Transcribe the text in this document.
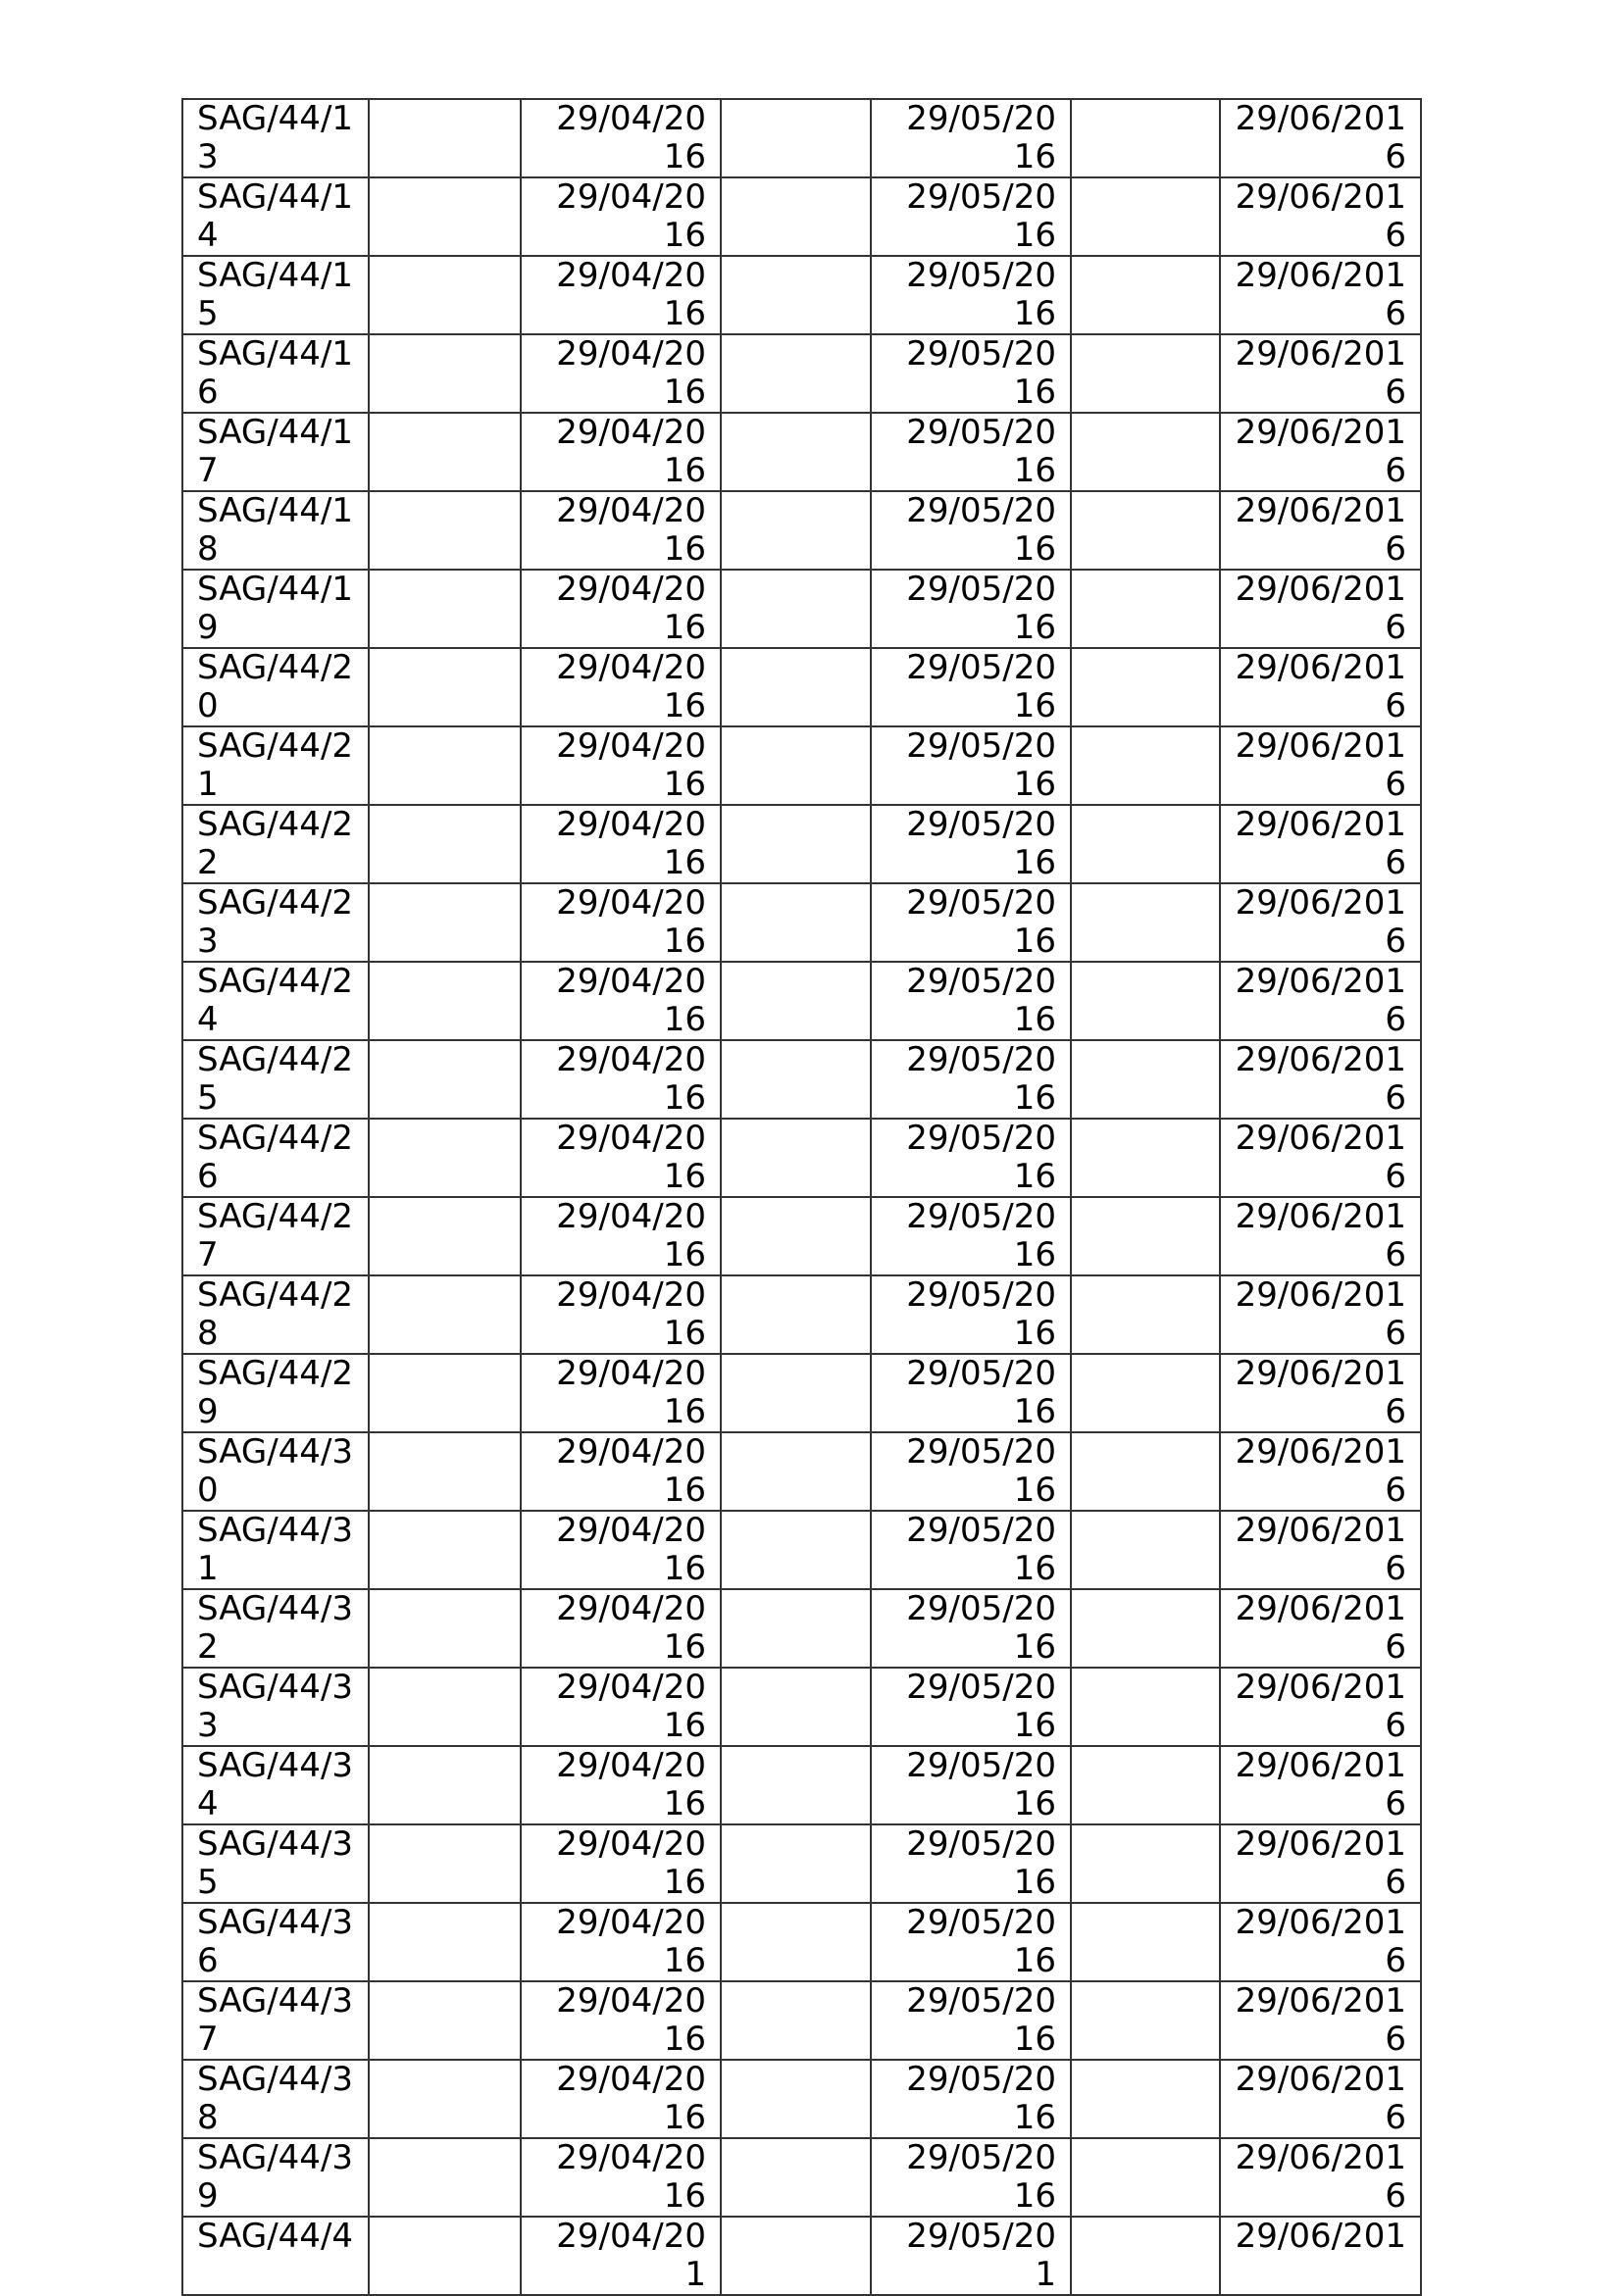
SAG/44/13		29/04/2016		29/05/2016		29/06/2016
SAG/44/14		29/04/2016		29/05/2016		29/06/2016
SAG/44/15		29/04/2016		29/05/2016		29/06/2016
SAG/44/16		29/04/2016		29/05/2016		29/06/2016
SAG/44/17		29/04/2016		29/05/2016		29/06/2016
SAG/44/18		29/04/2016		29/05/2016		29/06/2016
SAG/44/19		29/04/2016		29/05/2016		29/06/2016
SAG/44/20		29/04/2016		29/05/2016		29/06/2016
SAG/44/21		29/04/2016		29/05/2016		29/06/2016
SAG/44/22		29/04/2016		29/05/2016		29/06/2016
SAG/44/23		29/04/2016		29/05/2016		29/06/2016
SAG/44/24		29/04/2016		29/05/2016		29/06/2016
SAG/44/25		29/04/2016		29/05/2016		29/06/2016
SAG/44/26		29/04/2016		29/05/2016		29/06/2016
SAG/44/27		29/04/2016		29/05/2016		29/06/2016
SAG/44/28		29/04/2016		29/05/2016		29/06/2016
SAG/44/29		29/04/2016		29/05/2016		29/06/2016
SAG/44/30		29/04/2016		29/05/2016		29/06/2016
SAG/44/31		29/04/2016		29/05/2016		29/06/2016
SAG/44/32		29/04/2016		29/05/2016		29/06/2016
SAG/44/33		29/04/2016		29/05/2016		29/06/2016
SAG/44/34		29/04/2016		29/05/2016		29/06/2016
SAG/44/35		29/04/2016		29/05/2016		29/06/2016
SAG/44/36		29/04/2016		29/05/2016		29/06/2016
SAG/44/37		29/04/2016		29/05/2016		29/06/2016
SAG/44/38		29/04/2016		29/05/2016		29/06/2016
SAG/44/39		29/04/2016		29/05/2016		29/06/2016
SAG/44/4		29/04/201		29/05/201		29/06/201
